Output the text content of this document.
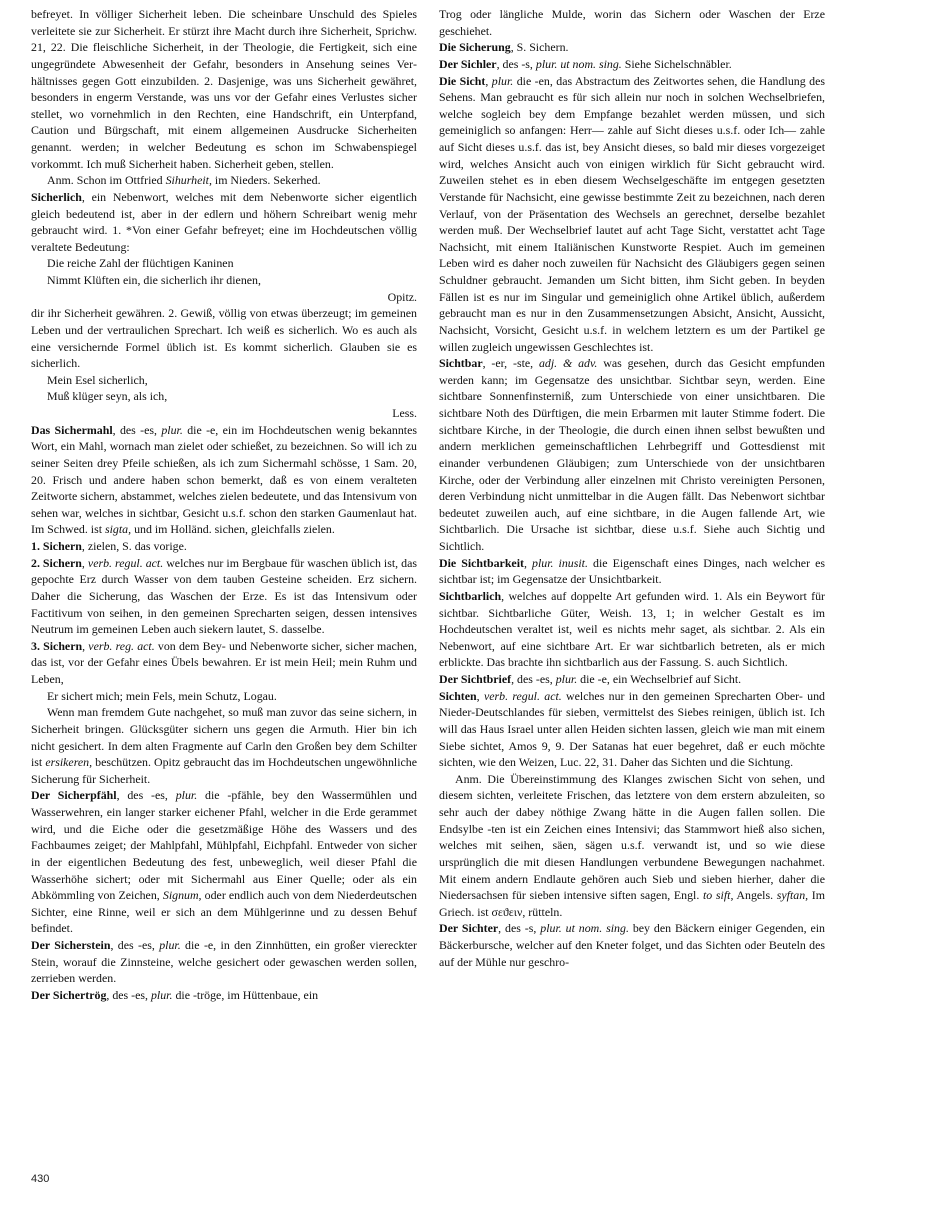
befreyet. In völliger Sicherheit leben. Die scheinbare Unschuld des Spieles verleitete sie zur Sicherheit. Er stürzt ihre Macht durch ihre Sicherheit, Sprichw. 21, 22. Die fleischliche Sicherheit, in der Theologie, die Fertigkeit, sich eine ungegründete Abwesenheit der Gefahr, besonders in Ansehung seines Verhältnisses gegen Gott einzubilden. 2. Dasjenige, was uns Sicherheit gewähret, besonders in engerm Verstande, was uns vor der Gefahr eines Verlustes sicher stellet, wo vornehmlich in den Rechten, eine Handschrift, ein Unterpfand, Caution und Bürgschaft, mit einem allgemeinen Ausdrucke Sicherheiten genannt. werden; in welcher Bedeutung es schon im Schwabenspiegel vorkommt. Ich muß Sicherheit haben. Sicherheit geben, stellen.

Anm. Schon im Ottfried Sihurheit, im Nieders. Sekerhed.

Sicherlich, ein Nebenwort, welches mit dem Nebenworte sicher eigentlich gleich bedeutend ist, aber in der edlern und höhern Schreibart wenig mehr gebraucht wird. 1. *Von einer Gefahr befreyet; eine im Hochdeutschen völlig veraltete Bedeutung:

Die reiche Zahl der flüchtigen Kaninen

Nimmt Klüften ein, die sicherlich ihr dienen,

Opitz.

dir ihr Sicherheit gewähren. 2. Gewiß, völlig von etwas überzeugt; im gemeinen Leben und der vertraulichen Sprechart. Ich weiß es sicherlich. Wo es auch als eine versichernde Formel üblich ist. Es kommt sicherlich. Glauben sie es sicherlich.

Mein Esel sicherlich,

Muß klüger seyn, als ich,

Less.

Das Sichermahl, des -es, plur. die -e, ein im Hochdeutschen wenig bekanntes Wort, ein Mahl, wornach man zielet oder schießet, zu bezeichnen. So will ich zu seiner Seiten drey Pfeile schießen, als ich zum Sichermahl schösse, 1 Sam. 20, 20. Frisch und andere haben schon bemerkt, daß es von einem veralteten Zeitworte sichern, abstammet, welches zielen bedeutete, und das Intensivum von sehen war, welches in sichtbar, Gesicht u.s.f. schon den starken Gaumenlaut hat. Im Schwed. ist sigta, und im Holländ. sichen, gleichfalls zielen.

1. Sichern, zielen, S. das vorige.

2. Sichern, verb. regul. act. welches nur im Bergbaue für waschen üblich ist, das gepochte Erz durch Wasser von dem tauben Gesteine scheiden. Erz sichern. Daher die Sicherung, das Waschen der Erze. Es ist das Intensivum oder Factitivum von seihen, in den gemeinen Sprecharten seigen, dessen intensives Neutrum im gemeinen Leben auch siekern lautet, S. dasselbe.

3. Sichern, verb. reg. act. von dem Bey- und Nebenworte sicher, sicher machen, das ist, vor der Gefahr eines Übels bewahren. Er ist mein Heil; mein Ruhm und Leben,

Er sichert mich; mein Fels, mein Schutz, Logau.

Wenn man fremdem Gute nachgehet, so muß man zuvor das seine sichern, in Sicherheit bringen. Glücksgüter sichern uns gegen die Armuth. Hier bin ich nicht gesichert. In dem alten Fragmente auf Carln den Großen bey dem Schilter ist ersikeren, beschützen. Opitz gebraucht das im Hochdeutschen ungewöhnliche Sicherung für Sicherheit.

Der Sicherpfähl, des -es, plur. die -pfähle, bey den Wassermühlen und Wasserwehren, ein langer starker eichener Pfahl, welcher in die Erde gerammet wird, und die Eiche oder die gesetzmäßige Höhe des Wassers und des Fachbaumes zeiget; der Mahlpfahl, Mühlpfahl, Eichpfahl. Entweder von sicher in der eigentlichen Bedeutung des fest, unbeweglich, weil dieser Pfahl die Wasserhöhe sichert; oder mit Sichermahl aus Einer Quelle; oder als ein Abkömmling von Zeichen, Signum, oder endlich auch von dem Niederdeutschen Sichter, eine Rinne, weil er sich an dem Mühlgerinne und zu dessen Behuf befindet.

Der Sicherstein, des -es, plur. die -e, in den Zinnhütten, ein großer viereckter Stein, worauf die Zinnsteine, welche gesichert oder gewaschen werden sollen, zerrieben werden.

Der Sichertrög, des -es, plur. die -tröge, im Hüttenbaue, ein

Trog oder längliche Mulde, worin das Sichern oder Waschen der Erze geschiehet.

Die Sicherung, S. Sichern.

Der Sichler, des -s, plur. ut nom. sing. Siehe Sichelschnäbler.

Die Sicht, plur. die -en, das Abstractum des Zeitwortes sehen, die Handlung des Sehens. Man gebraucht es für sich allein nur noch in solchen Wechselbriefen, welche sogleich bey dem Empfange bezahlet werden müssen, und sich gemeiniglich so anfangen: Herr— zahle auf Sicht dieses u.s.f. oder Ich— zahle auf Sicht dieses u.s.f. das ist, bey Ansicht dieses, so bald mir dieses vorgezeiget wird, welches Ansicht auch von einigen wirklich für Sicht gebraucht wird. Zuweilen stehet es in eben diesem Wechselgeschäfte im entgegen gesetzten Verstande für Nachsicht, eine gewisse bestimmte Zeit zu bezeichnen, nach deren Verlauf, von der Präsentation des Wechsels an gerechnet, derselbe bezahlet werden muß. Der Wechselbrief lautet auf acht Tage Sicht, verstattet acht Tage Nachsicht, mit einem Italiänischen Kunstworte Respiet. Auch im gemeinen Leben wird es daher noch zuweilen für Nachsicht des Gläubigers gegen seinen Schuldner gebraucht. Jemanden um Sicht bitten, ihm Sicht geben. In beyden Fällen ist es nur im Singular und gemeiniglich ohne Artikel üblich, außerdem gebraucht man es nur in den Zusammensetzungen Absicht, Ansicht, Aussicht, Nachsicht, Vorsicht, Gesicht u.s.f. in welchem letztern es um der Partikel ge willen zugleich ungewissen Geschlechtes ist.

Sichtbar, -er, -ste, adj. & adv. was gesehen, durch das Gesicht empfunden werden kann; im Gegensatze des unsichtbar. Sichtbar seyn, werden. Eine sichtbare Sonnenfinsterniß, zum Unterschiede von einer unsichtbaren. Die sichtbare Noth des Dürftigen, die mein Erbarmen mit lauter Stimme fodert. Die sichtbare Kirche, in der Theologie, die durch einen ihnen selbst bewußten und andern merklichen gemeinschaftlichen Lehrbegriff und Gottesdienst mit einander verbundenen Gläubigen; zum Unterschiede von der unsichtbaren Kirche, oder der Verbindung aller einzelnen mit Christo vereinigten Personen, deren Verbindung nicht unmittelbar in die Augen fällt. Das Nebenwort sichtbar bedeutet zuweilen auch, auf eine sichtbare, in die Augen fallende Art, wie Sichtbarlich. Die Ursache ist sichtbar, diese u.s.f. Siehe auch Sichtig und Sichtlich.

Die Sichtbarkeit, plur. inusit. die Eigenschaft eines Dinges, nach welcher es sichtbar ist; im Gegensatze der Unsichtbarkeit.

Sichtbarlich, welches auf doppelte Art gefunden wird. 1. Als ein Beywort für sichtbar. Sichtbarliche Güter, Weish. 13, 1; in welcher Gestalt es im Hochdeutschen veraltet ist, weil es nichts mehr saget, als sichtbar. 2. Als ein Nebenwort, auf eine sichtbare Art. Er war sichtbarlich betreten, als er mich erblickte. Das brachte ihn sichtbarlich aus der Fassung. S. auch Sichtlich.

Der Sichtbrief, des -es, plur. die -e, ein Wechselbrief auf Sicht.

Sichten, verb. regul. act. welches nur in den gemeinen Sprecharten Ober- und Nieder-Deutschlandes für sieben, vermittelst des Siebes reinigen, üblich ist. Ich will das Haus Israel unter allen Heiden sichten lassen, gleich wie man mit einem Siebe sichtet, Amos 9, 9. Der Satanas hat euer begehret, daß er euch möchte sichten, wie den Weizen, Luc. 22, 31. Daher das Sichten und die Sichtung.

Anm. Die Übereinstimmung des Klanges zwischen Sicht von sehen, und diesem sichten, verleitete Frischen, das letztere von dem erstern abzuleiten, so sehr auch der dabey nöthige Zwang hätte in die Augen fallen sollen. Die Endsylbe -ten ist ein Zeichen eines Intensivi; das Stammwort hieß also sichen, welches mit seihen, säen, sägen u.s.f. verwandt ist, und so wie diese ursprünglich die mit diesen Handlungen verbundene Bewegungen nachahmet. Mit einem andern Endlaute gehören auch Sieb und sieben hierher, daher die Niedersachsen für sieben intensive siften sagen, Engl. to sift, Angels. syftan, Im Griech. ist σεϑειν, rütteln.

Der Sichter, des -s, plur. ut nom. sing. bey den Bäckern einiger Gegenden, ein Bäckerbursche, welcher auf den Kneter folget, und das Sichten oder Beuteln des auf der Mühle nur geschro-

430
